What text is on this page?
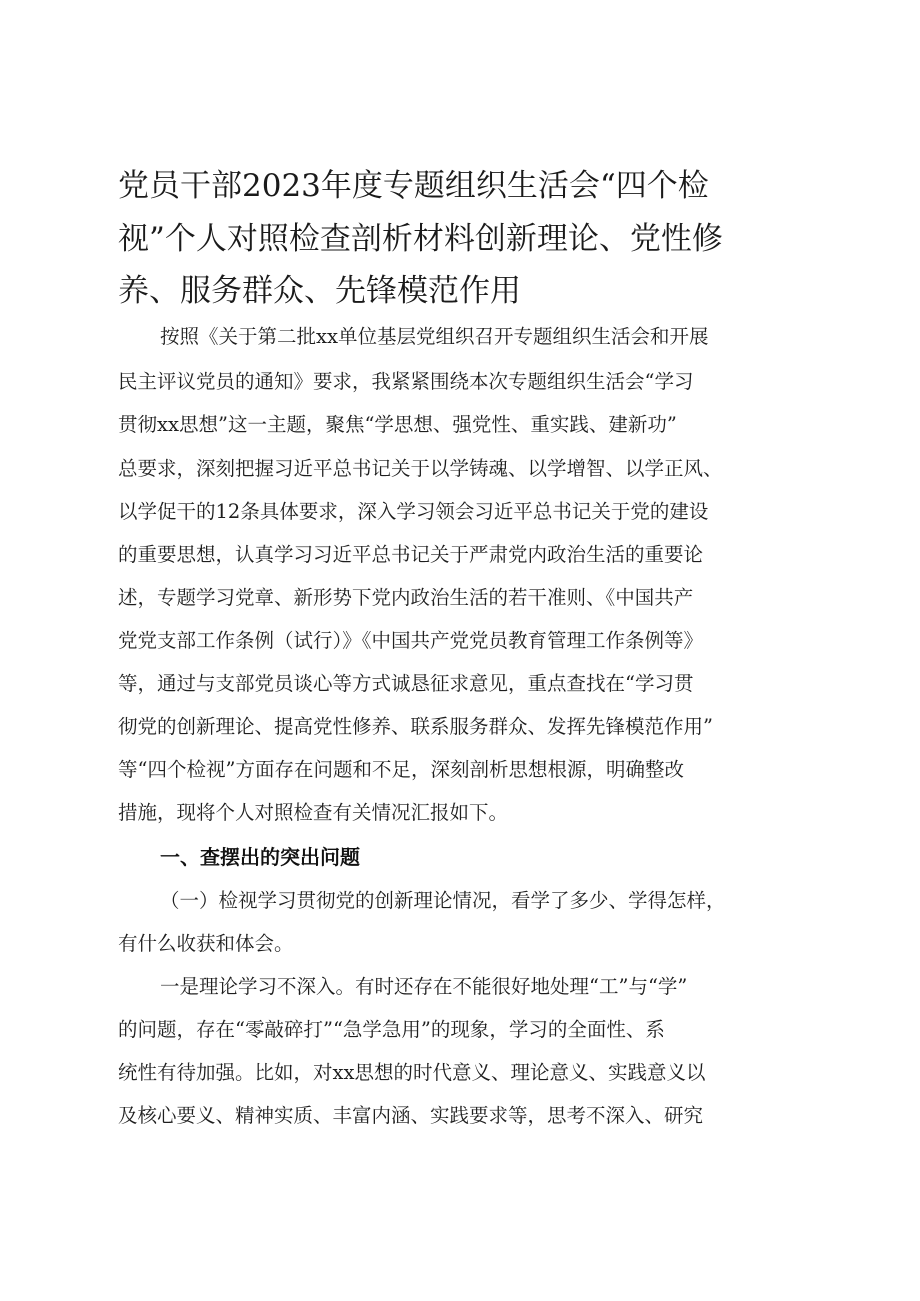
党员干部2023年度专题组织生活会“四个检
视”个人对照检查剖析材料创新理论、党性修
养、服务群众、先锋模范作用
按照《关于第二批xx单位基层党组织召开专题组织生活会和开展
民主评议党员的通知》要求，我紧紧围绕本次专题组织生活会“学习
贯彻xx思想”这一主题，聚焦“学思想、强党性、重实践、建新功”
总要求，深刻把握习近平总书记关于以学铸魂、以学增智、以学正风、
以学促干的12条具体要求，深入学习领会习近平总书记关于党的建设
的重要思想，认真学习习近平总书记关于严肃党内政治生活的重要论
述，专题学习党章、新形势下党内政治生活的若干准则、《中国共产
党党支部工作条例（试行）》《中国共产党党员教育管理工作条例等》
等，通过与支部党员谈心等方式诚恳征求意见，重点查找在“学习贯
彻党的创新理论、提高党性修养、联系服务群众、发挥先锋模范作用”
等“四个检视”方面存在问题和不足，深刻剖析思想根源，明确整改
措施，现将个人对照检查有关情况汇报如下。
一、查摆出的突出问题
（一）检视学习贯彻党的创新理论情况，看学了多少、学得怎样，
有什么收获和体会。
一是理论学习不深入。有时还存在不能很好地处理“工”与“学”
的问题，存在“零敲碎打”“急学急用”的现象，学习的全面性、系
统性有待加强。比如，对xx思想的时代意义、理论意义、实践意义以
及核心要义、精神实质、丰富内涵、实践要求等，思考不深入、研究
